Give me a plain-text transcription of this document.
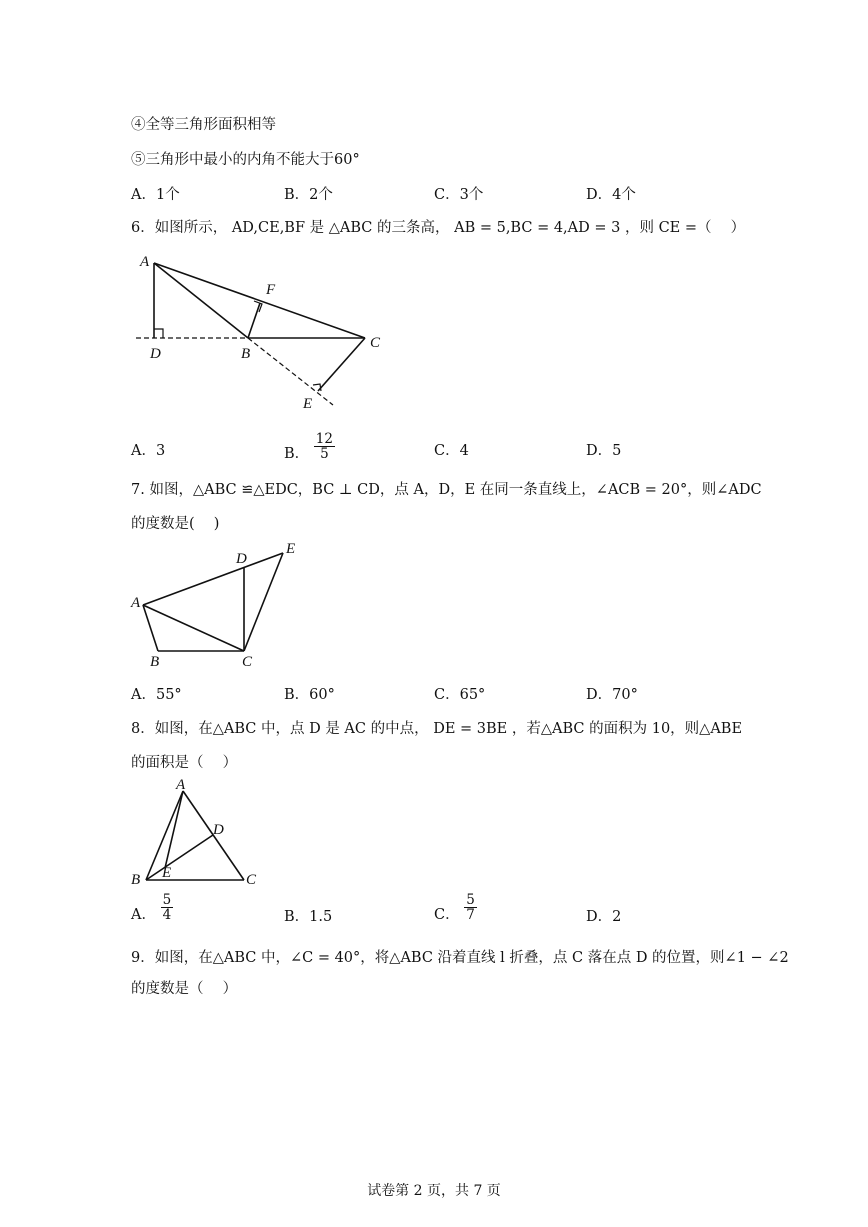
④全等三角形面积相等
⑤三角形中最小的内角不能大于60°
A．1个	B．2个	C．3个	D．4个
6．如图所示， AD,CE,BF 是 △ABC 的三条高， AB = 5,BC = 4,AD = 3 ，则 CE =（　 ）
A
F
C
D	B
E
A．3	B． $\frac{12}{5}$	C．4	D．5
7. 如图，△ABC ≌△EDC，BC ⊥ CD，点 A，D，E 在同一条直线上，∠ACB = 20°，则∠ADC
的度数是(　 )
D
E
A
B	C
A．55°	B．60°	C．65°	D．70°
8．如图，在△ABC 中，点 D 是 AC 的中点， DE = 3BE ，若△ABC 的面积为 10，则△ABE
的面积是（　 ）
A
D
B E	C
A． $\frac{5}{4}$	B．1.5	C． $\frac{5}{7}$	D．2
9．如图，在△ABC 中，∠C = 40°，将△ABC 沿着直线 l 折叠，点 C 落在点 D 的位置，则∠1 − ∠2
的度数是（　 ）
试卷第 2 页，共 7 页
